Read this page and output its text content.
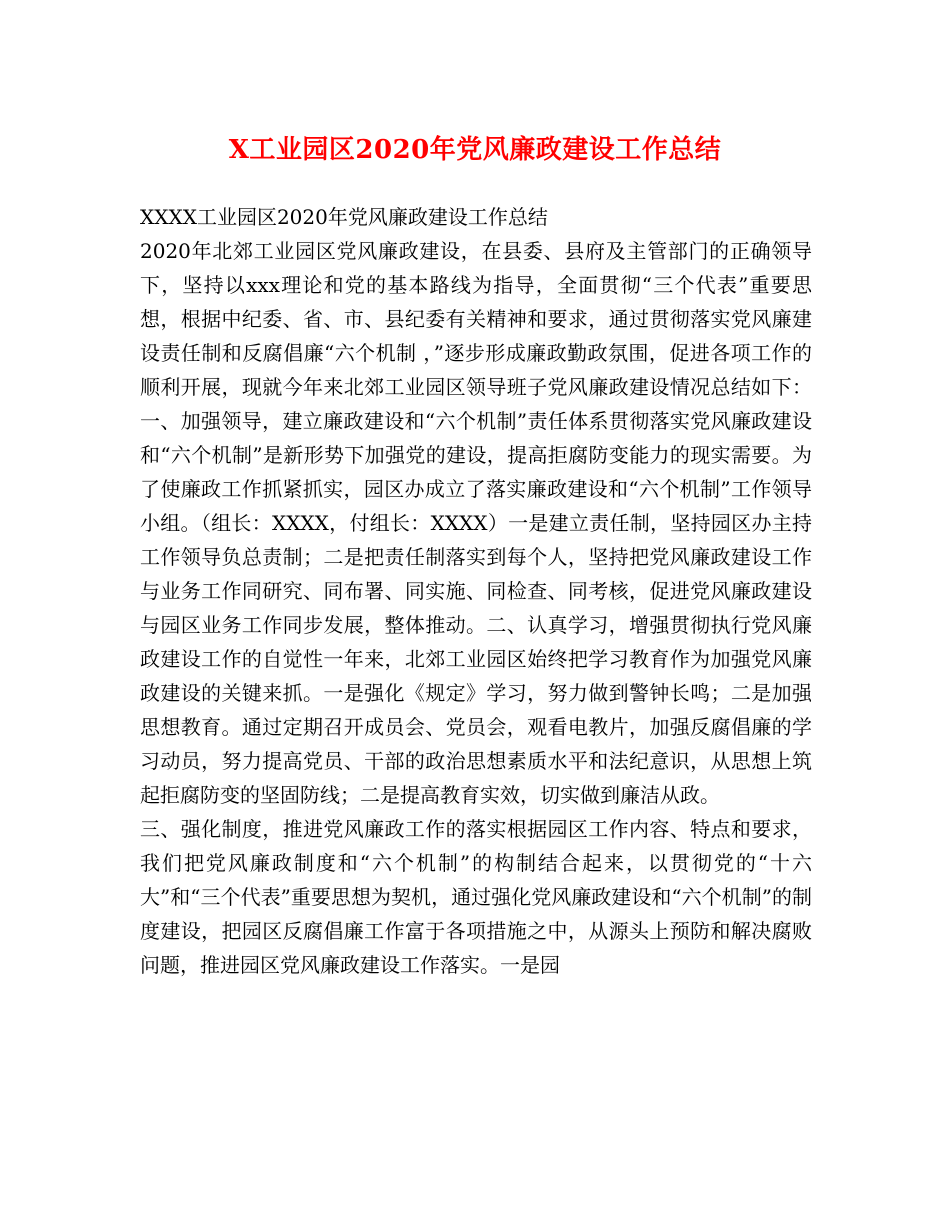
X工业园区2020年党风廉政建设工作总结

XXXX工业园区2020年党风廉政建设工作总结

2020年北郊工业园区党风廉政建设，在县委、县府及主管部门的正确领导下，坚持以xxx理论和党的基本路线为指导，全面贯彻“三个代表”重要思想，根据中纪委、省、市、县纪委有关精神和要求，通过贯彻落实党风廉建设责任制和反腐倡廉“六个机制 ，”逐步形成廉政勤政氛围，促进各项工作的顺利开展，现就今年来北郊工业园区领导班子党风廉政建设情况总结如下：一、加强领导，建立廉政建设和“六个机制”责任体系贯彻落实党风廉政建设和“六个机制”是新形势下加强党的建设，提高拒腐防变能力的现实需要。为了使廉政工作抓紧抓实，园区办成立了落实廉政建设和“六个机制”工作领导小组。（组长：XXXX，付组长：XXXX）一是建立责任制，坚持园区办主持工作领导负总责制；二是把责任制落实到每个人，坚持把党风廉政建设工作与业务工作同研究、同布署、同实施、同检查、同考核，促进党风廉政建设与园区业务工作同步发展，整体推动。二、认真学习，增强贯彻执行党风廉政建设工作的自觉性一年来，北郊工业园区始终把学习教育作为加强党风廉政建设的关键来抓。一是强化《规定》学习，努力做到警钟长鸣；二是加强思想教育。通过定期召开成员会、党员会，观看电教片，加强反腐倡廉的学习动员，努力提高党员、干部的政治思想素质水平和法纪意识，从思想上筑起拒腐防变的坚固防线；二是提高教育实效，切实做到廉洁从政。

三、强化制度，推进党风廉政工作的落实根据园区工作内容、特点和要求，我们把党风廉政制度和“六个机制”的构制结合起来，以贯彻党的“十六大”和“三个代表”重要思想为契机，通过强化党风廉政建设和“六个机制”的制度建设，把园区反腐倡廉工作富于各项措施之中，从源头上预防和解决腐败问题，推进园区党风廉政建设工作落实。一是园
